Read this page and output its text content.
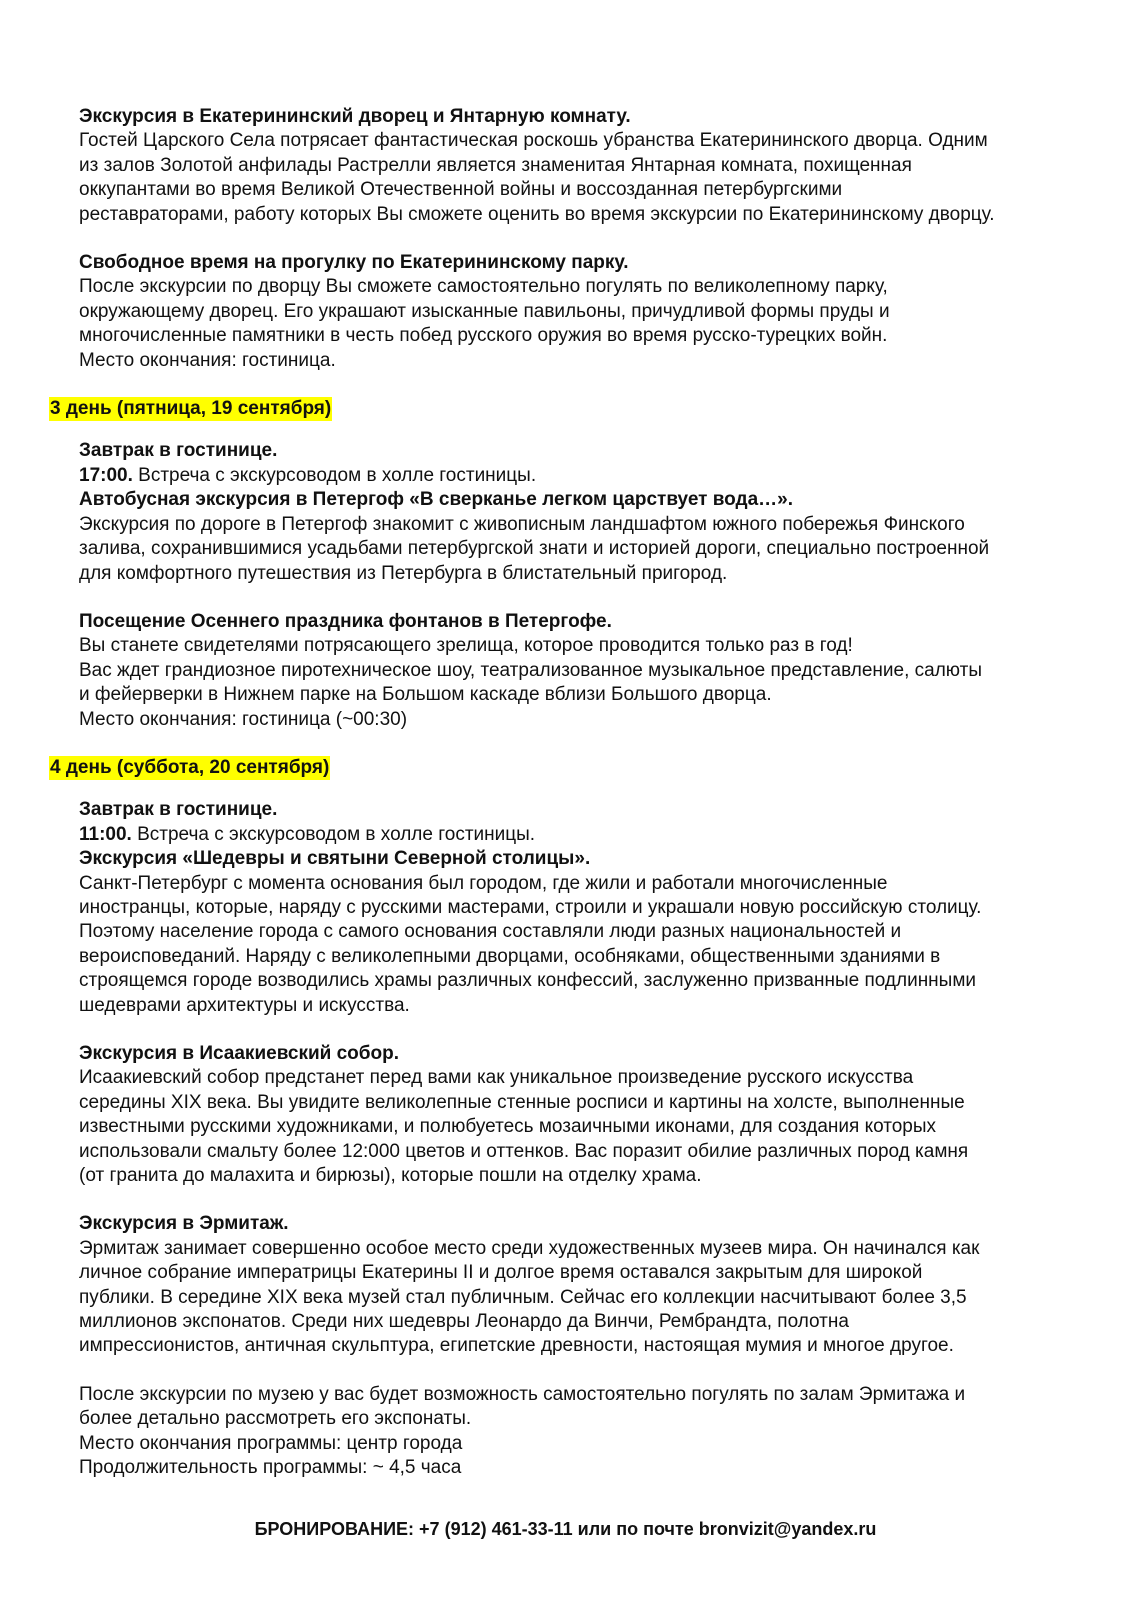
Экскурсия в Екатерининский дворец и Янтарную комнату.

Гостей Царского Села потрясает фантастическая роскошь убранства Екатерининского дворца. Одним

из залов Золотой анфилады Растрелли является знаменитая Янтарная комната, похищенная

оккупантами во время Великой Отечественной войны и воссозданная петербургскими

реставраторами, работу которых Вы сможете оценить во время экскурсии по Екатерининскому дворцу.

Свободное время на прогулку по Екатерининскому парку.

После экскурсии по дворцу Вы сможете самостоятельно погулять по великолепному парку,

окружающему дворец. Его украшают изысканные павильоны, причудливой формы пруды и

многочисленные памятники в честь побед русского оружия во время русско-турецких войн.

Место окончания: гостиница.

3 день (пятница, 19 сентября)

Завтрак в гостинице.

17:00. Встреча с экскурсоводом в холле гостиницы.

Автобусная экскурсия в Петергоф «В сверканье легком царствует вода…».

Экскурсия по дороге в Петергоф знакомит с живописным ландшафтом южного побережья Финского

залива, сохранившимися усадьбами петербургской знати и историей дороги, специально построенной

для комфортного путешествия из Петербурга в блистательный пригород.

Посещение Осеннего праздника фонтанов в Петергофе.

Вы станете свидетелями потрясающего зрелища, которое проводится только раз в год!

Вас ждет грандиозное пиротехническое шоу, театрализованное музыкальное представление, салюты

и фейерверки в Нижнем парке на Большом каскаде вблизи Большого дворца.

Место окончания: гостиница (~00:30)

4 день (суббота, 20 сентября)

Завтрак в гостинице.

11:00. Встреча с экскурсоводом в холле гостиницы.

Экскурсия «Шедевры и святыни Северной столицы».

Санкт-Петербург с момента основания был городом, где жили и работали многочисленные

иностранцы, которые, наряду с русскими мастерами, строили и украшали новую российскую столицу.

Поэтому население города с самого основания составляли люди разных национальностей и

вероисповеданий. Наряду с великолепными дворцами, особняками, общественными зданиями в

строящемся городе возводились храмы различных конфессий, заслуженно призванные подлинными

шедеврами архитектуры и искусства.

Экскурсия в Исаакиевский собор.

Исаакиевский собор предстанет перед вами как уникальное произведение русского искусства

середины XIX века. Вы увидите великолепные стенные росписи и картины на холсте, выполненные

известными русскими художниками, и полюбуетесь мозаичными иконами, для создания которых

использовали смальту более 12:000 цветов и оттенков. Вас поразит обилие различных пород камня

(от гранита до малахита и бирюзы), которые пошли на отделку храма.

Экскурсия в Эрмитаж.

Эрмитаж занимает совершенно особое место среди художественных музеев мира. Он начинался как

личное собрание императрицы Екатерины II и долгое время оставался закрытым для широкой

публики. В середине XIX века музей стал публичным. Сейчас его коллекции насчитывают более 3,5

миллионов экспонатов. Среди них шедевры Леонардо да Винчи, Рембрандта, полотна

импрессионистов, античная скульптура, египетские древности, настоящая мумия и многое другое.

После экскурсии по музею у вас будет возможность самостоятельно погулять по залам Эрмитажа и

более детально рассмотреть его экспонаты.

Место окончания программы: центр города

Продолжительность программы: ~ 4,5 часа

БРОНИРОВАНИЕ: +7 (912) 461-33-11 или по почте bronvizit@yandex.ru
